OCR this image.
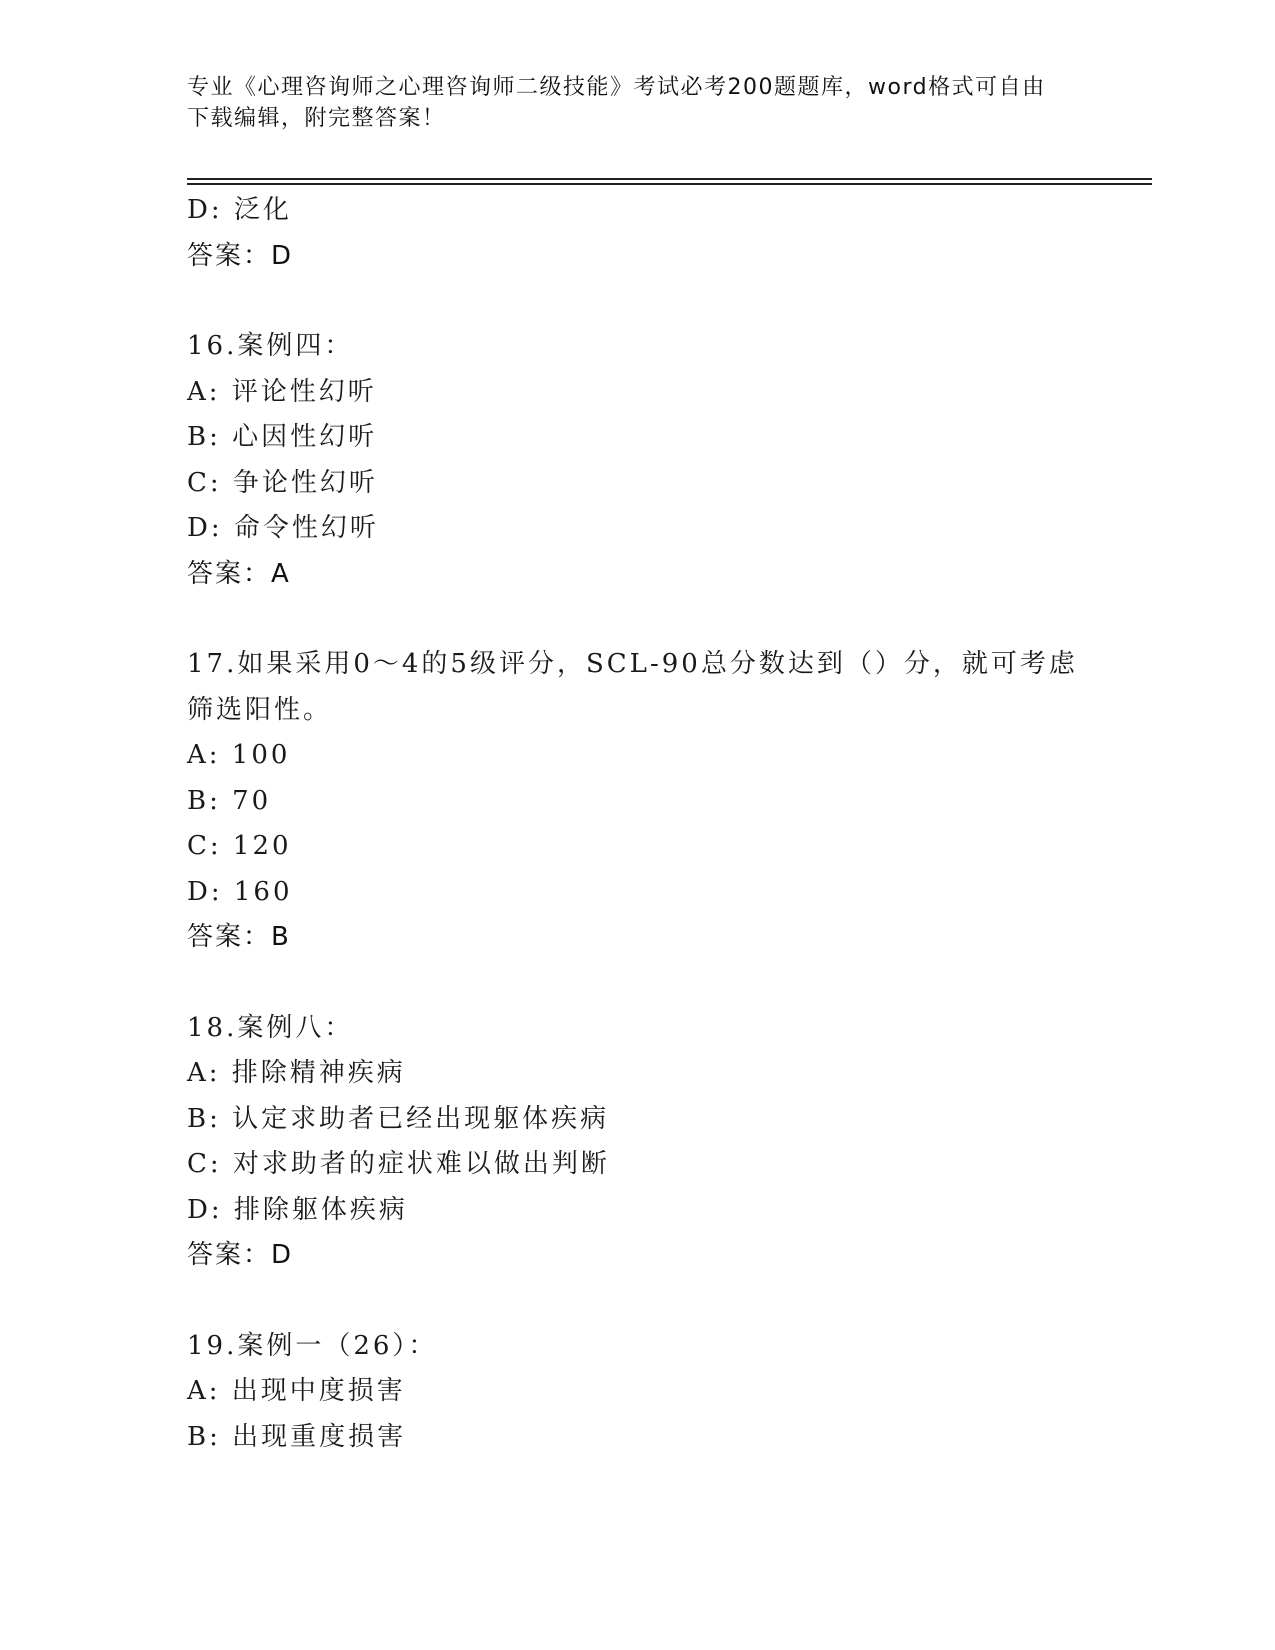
专业《心理咨询师之心理咨询师二级技能》考试必考200题题库，word格式可自由下载编辑，附完整答案！
D: 泛化
答案：D
16.案例四：
A: 评论性幻听
B: 心因性幻听
C: 争论性幻听
D: 命令性幻听
答案：A
17.如果采用0～4的5级评分，SCL-90总分数达到（）分，就可考虑
筛选阳性。
A: 100
B: 70
C: 120
D: 160
答案：B
18.案例八：
A: 排除精神疾病
B: 认定求助者已经出现躯体疾病
C: 对求助者的症状难以做出判断
D: 排除躯体疾病
答案：D
19.案例一（26）：
A: 出现中度损害
B: 出现重度损害
